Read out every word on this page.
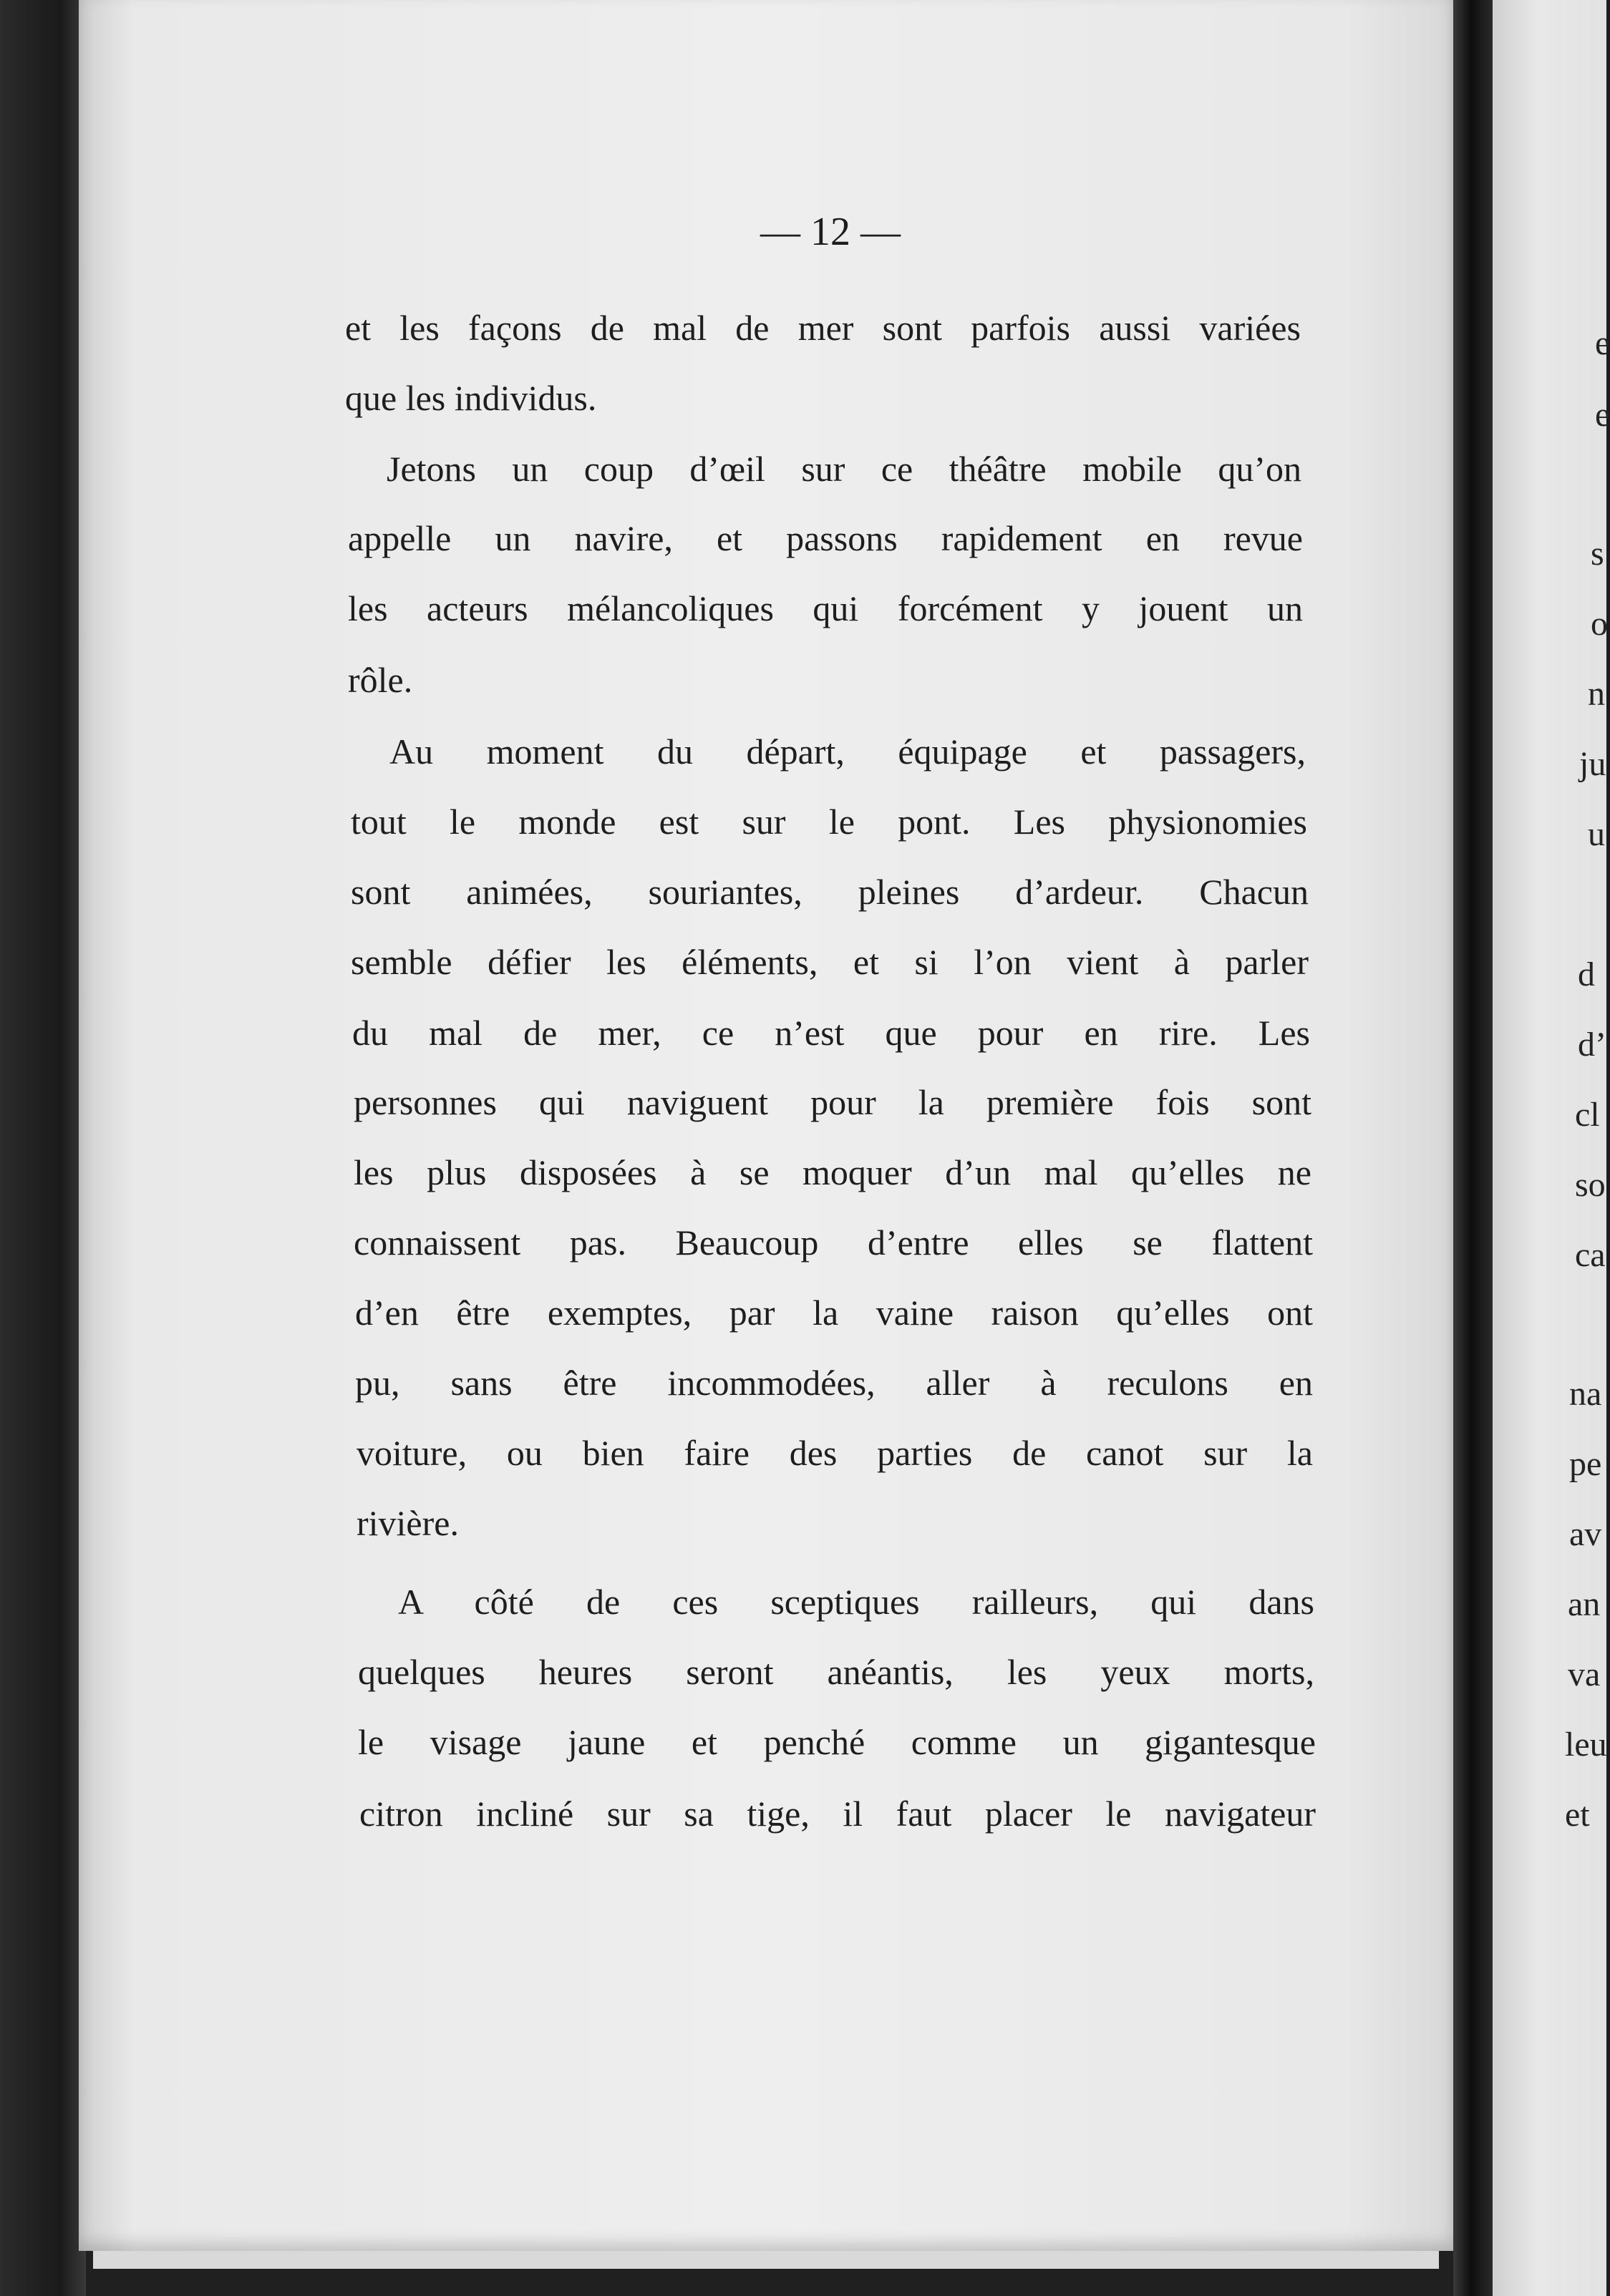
— 12 —
et les façons de mal de mer sont parfois aussi variées
que les individus.
Jetons un coup d’œil sur ce théâtre mobile qu’on
appelle un navire, et passons rapidement en revue
les acteurs mélancoliques qui forcément y jouent un
rôle.
Au moment du départ, équipage et passagers,
tout le monde est sur le pont. Les physionomies
sont animées, souriantes, pleines d’ardeur. Chacun
semble défier les éléments, et si l’on vient à parler
du mal de mer, ce n’est que pour en rire. Les
personnes qui naviguent pour la première fois sont
les plus disposées à se moquer d’un mal qu’elles ne
connaissent pas. Beaucoup d’entre elles se flattent
d’en être exemptes, par la vaine raison qu’elles ont
pu, sans être incommodées, aller à reculons en
voiture, ou bien faire des parties de canot sur la
rivière.
A côté de ces sceptiques railleurs, qui dans
quelques heures seront anéantis, les yeux morts,
le visage jaune et penché comme un gigantesque
citron incliné sur sa tige, il faut placer le navigateur
e
e
s
o
n
ju
u
d
d’
cl
so
ca
na
pe
av
an
va
leu
et
